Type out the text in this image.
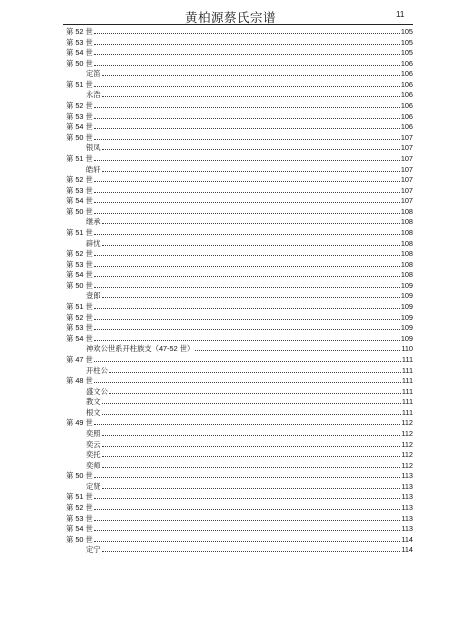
黄柏源蔡氏宗谱	11
第 52 世	105
第 53 世	105
第 54 世	105
第 50 世	106
定笛	106
第 51 世	106
永浩	106
第 52 世	106
第 53 世	106
第 54 世	106
第 50 世	107
银凤	107
第 51 世	107
皓轩	107
第 52 世	107
第 53 世	107
第 54 世	107
第 50 世	108
继承	108
第 51 世	108
辟忧	108
第 52 世	108
第 53 世	108
第 54 世	108
第 50 世	109
壹郎	109
第 51 世	109
第 52 世	109
第 53 世	109
第 54 世	109
神欢公世系开柱族支（47-52 世）	110
第 47 世	111
开柱公	111
第 48 世	111
盛文公	111
教文	111
根文	111
第 49 世	112
奕照	112
奕云	112
奕托	112
奕师	112
第 50 世	113
定贤	113
第 51 世	113
第 52 世	113
第 53 世	113
第 54 世	113
第 50 世	114
定宁	114
